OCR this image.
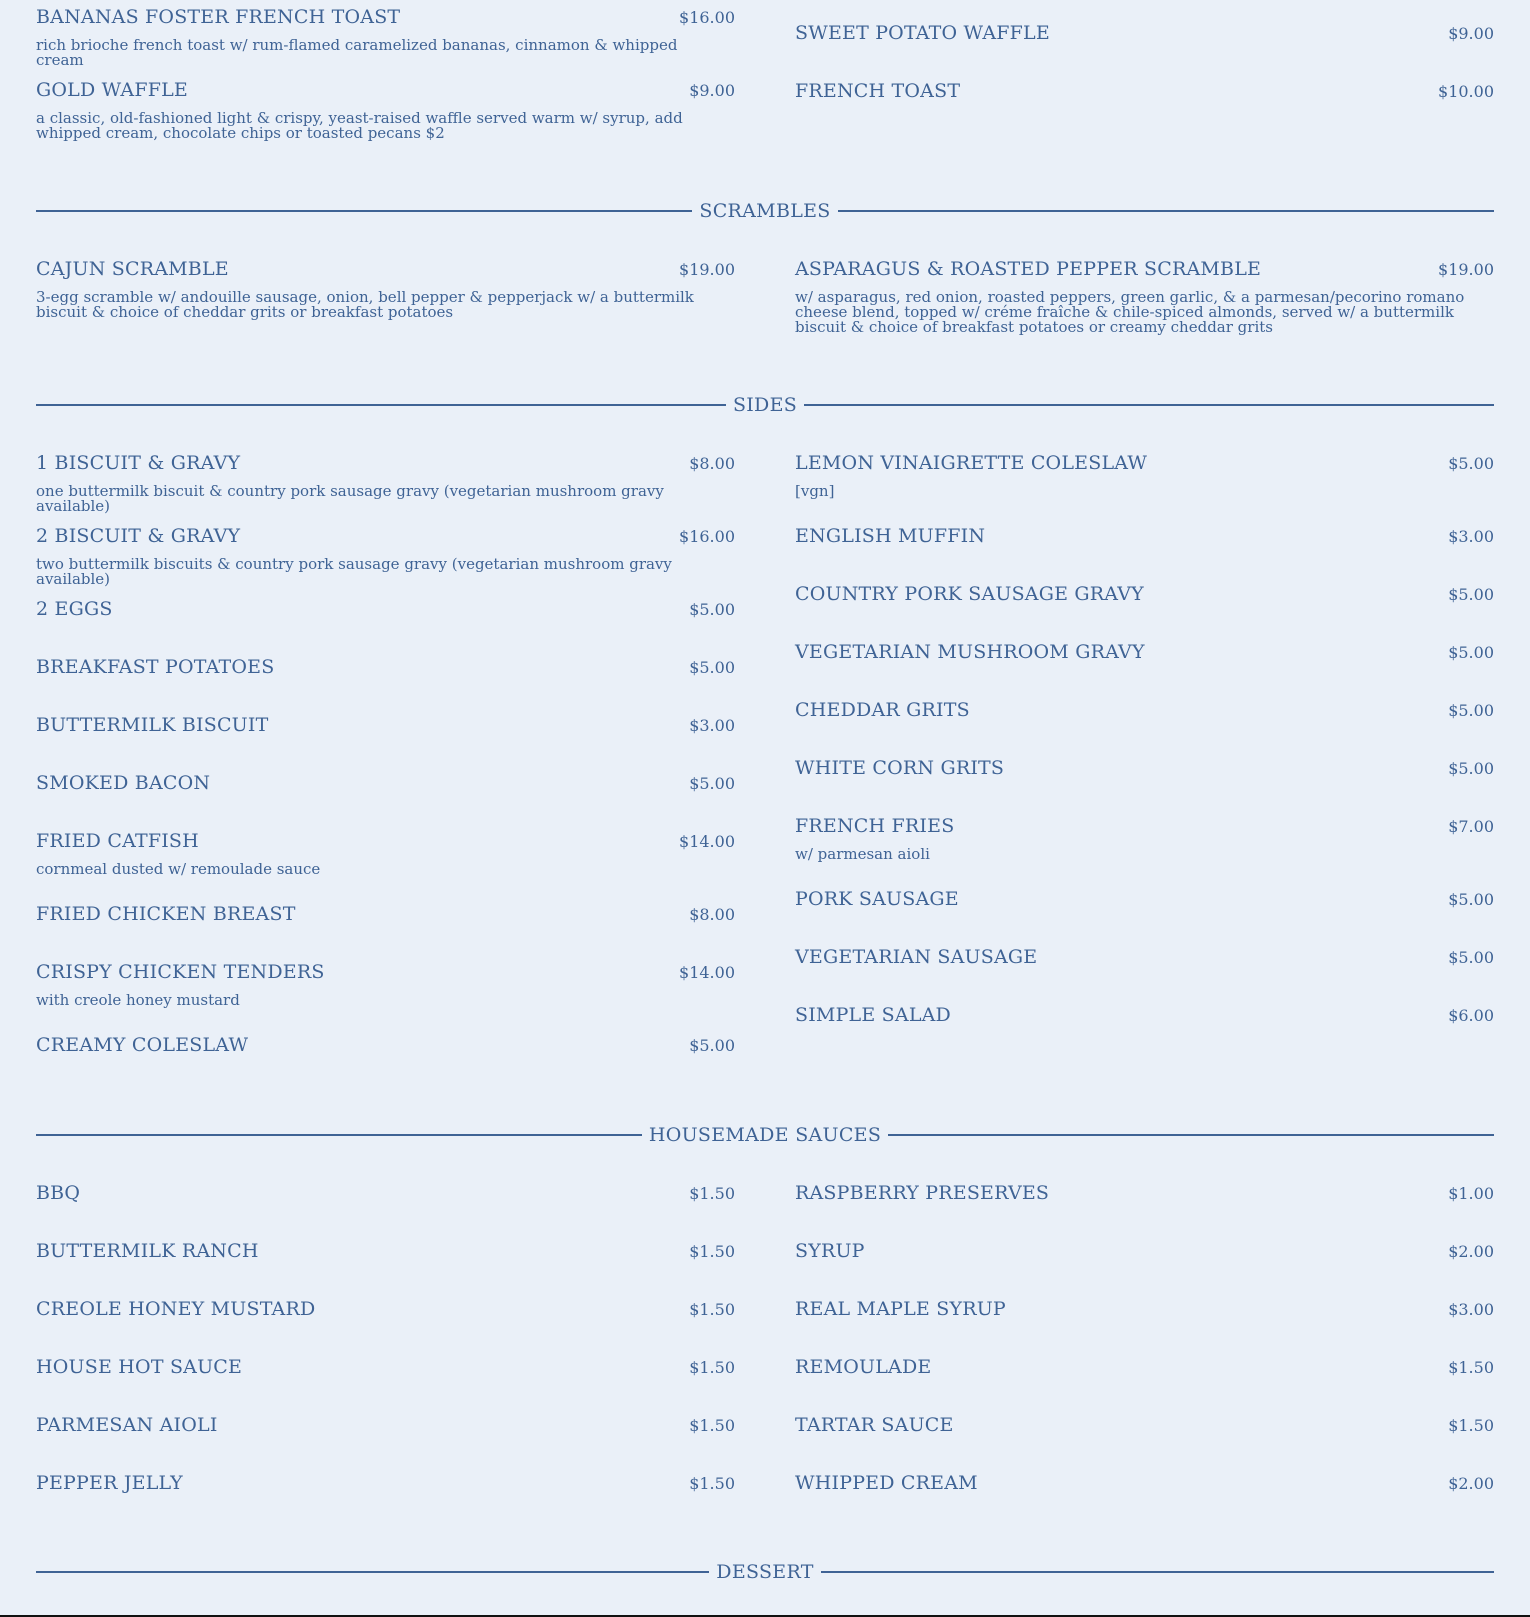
BANANAS FOSTER FRENCH TOAST	$16.00
rich brioche french toast w/ rum-flamed caramelized bananas, cinnamon & whipped cream
GOLD WAFFLE	$9.00
a classic, old-fashioned light & crispy, yeast-raised waffle served warm w/ syrup, add whipped cream, chocolate chips or toasted pecans $2
SWEET POTATO WAFFLE	$9.00
FRENCH TOAST	$10.00
SCRAMBLES
CAJUN SCRAMBLE	$19.00
3-egg scramble w/ andouille sausage, onion, bell pepper & pepperjack w/ a buttermilk biscuit & choice of cheddar grits or breakfast potatoes
ASPARAGUS & ROASTED PEPPER SCRAMBLE	$19.00
w/ asparagus, red onion, roasted peppers, green garlic, & a parmesan/pecorino romano cheese blend, topped w/ créme fraîche & chile-spiced almonds, served w/ a buttermilk biscuit & choice of breakfast potatoes or creamy cheddar grits
SIDES
1 BISCUIT & GRAVY	$8.00
one buttermilk biscuit & country pork sausage gravy (vegetarian mushroom gravy available)
2 BISCUIT & GRAVY	$16.00
two buttermilk biscuits & country pork sausage gravy (vegetarian mushroom gravy available)
2 EGGS	$5.00
BREAKFAST POTATOES	$5.00
BUTTERMILK BISCUIT	$3.00
SMOKED BACON	$5.00
FRIED CATFISH	$14.00
cornmeal dusted w/ remoulade sauce
FRIED CHICKEN BREAST	$8.00
CRISPY CHICKEN TENDERS	$14.00
with creole honey mustard
CREAMY COLESLAW	$5.00
LEMON VINAIGRETTE COLESLAW	$5.00
[vgn]
ENGLISH MUFFIN	$3.00
COUNTRY PORK SAUSAGE GRAVY	$5.00
VEGETARIAN MUSHROOM GRAVY	$5.00
CHEDDAR GRITS	$5.00
WHITE CORN GRITS	$5.00
FRENCH FRIES	$7.00
w/ parmesan aioli
PORK SAUSAGE	$5.00
VEGETARIAN SAUSAGE	$5.00
SIMPLE SALAD	$6.00
HOUSEMADE SAUCES
BBQ	$1.50
BUTTERMILK RANCH	$1.50
CREOLE HONEY MUSTARD	$1.50
HOUSE HOT SAUCE	$1.50
PARMESAN AIOLI	$1.50
PEPPER JELLY	$1.50
RASPBERRY PRESERVES	$1.00
SYRUP	$2.00
REAL MAPLE SYRUP	$3.00
REMOULADE	$1.50
TARTAR SAUCE	$1.50
WHIPPED CREAM	$2.00
DESSERT
